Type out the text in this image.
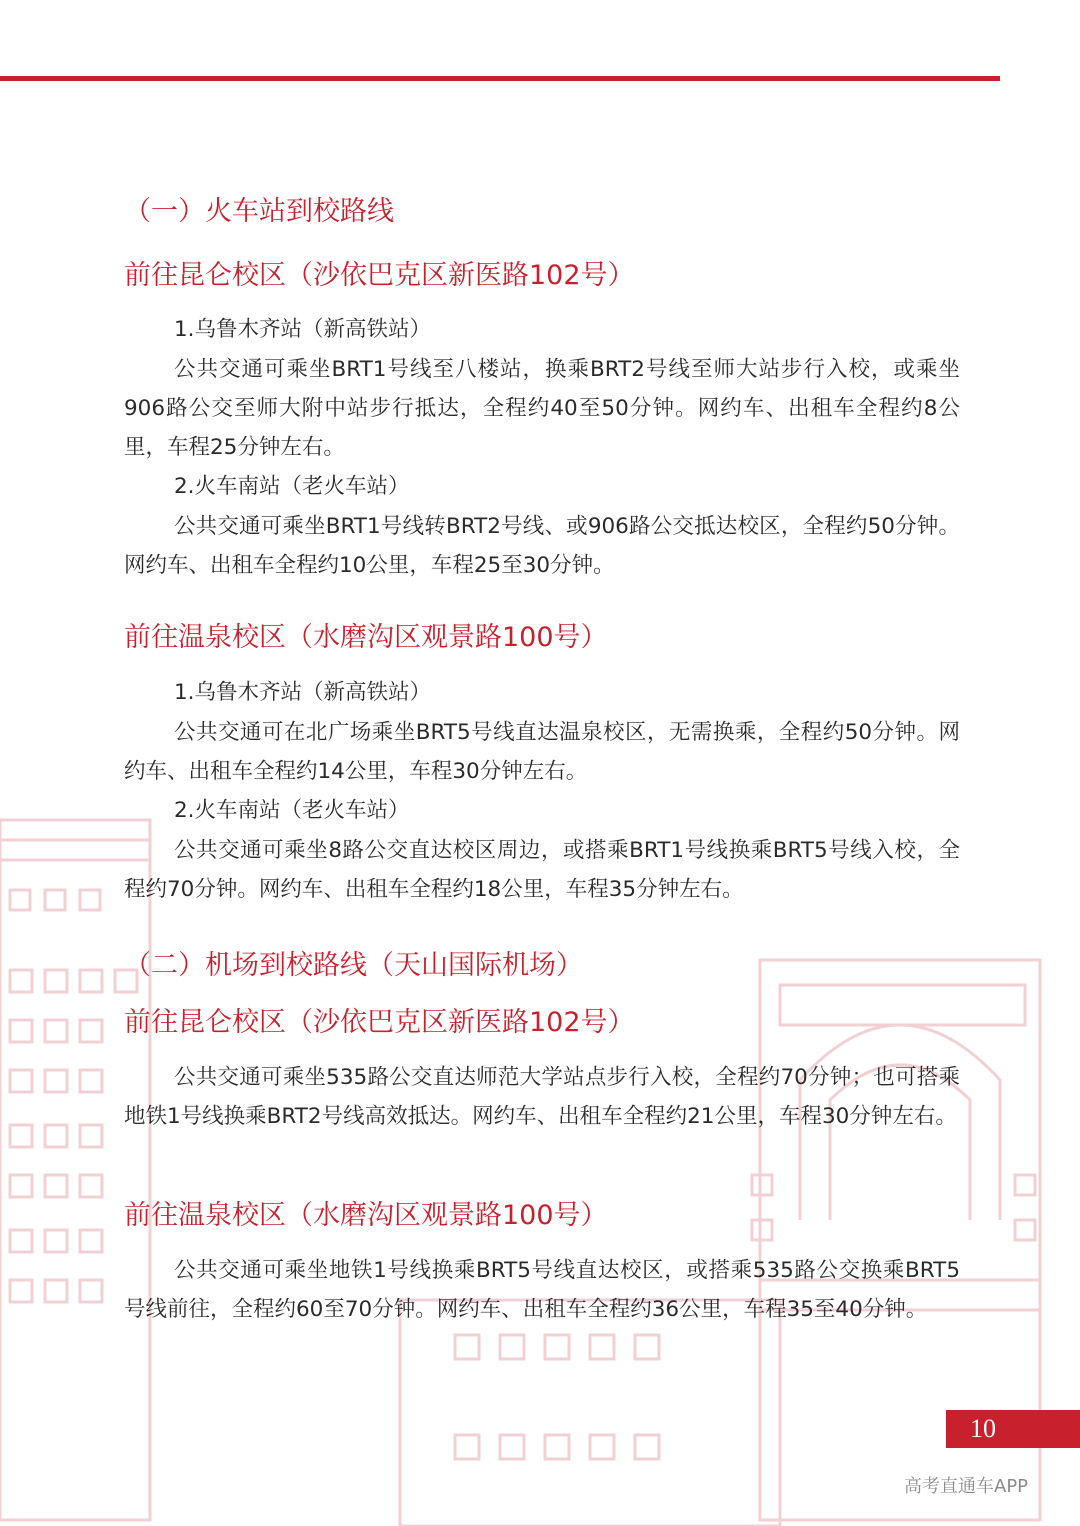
（一）火车站到校路线
前往昆仑校区（沙依巴克区新医路102号）

1.乌鲁木齐站（新高铁站）

公共交通可乘坐BRT1号线至八楼站，换乘BRT2号线至师大站步行入校，或乘坐906路公交至师大附中站步行抵达，全程约40至50分钟。网约车、出租车全程约8公里，车程25分钟左右。

2.火车南站（老火车站）

公共交通可乘坐BRT1号线转BRT2号线、或906路公交抵达校区，全程约50分钟。网约车、出租车全程约10公里，车程25至30分钟。

前往温泉校区（水磨沟区观景路100号）

1.乌鲁木齐站（新高铁站）

公共交通可在北广场乘坐BRT5号线直达温泉校区，无需换乘，全程约50分钟。网约车、出租车全程约14公里，车程30分钟左右。

2.火车南站（老火车站）

公共交通可乘坐8路公交直达校区周边，或搭乘BRT1号线换乘BRT5号线入校，全程约70分钟。网约车、出租车全程约18公里，车程35分钟左右。

（二）机场到校路线（天山国际机场）
前往昆仑校区（沙依巴克区新医路102号）

公共交通可乘坐535路公交直达师范大学站点步行入校，全程约70分钟；也可搭乘地铁1号线换乘BRT2号线高效抵达。网约车、出租车全程约21公里，车程30分钟左右。

前往温泉校区（水磨沟区观景路100号）

公共交通可乘坐地铁1号线换乘BRT5号线直达校区，或搭乘535路公交换乘BRT5号线前往，全程约60至70分钟。网约车、出租车全程约36公里，车程35至40分钟。

10
高考直通车APP
